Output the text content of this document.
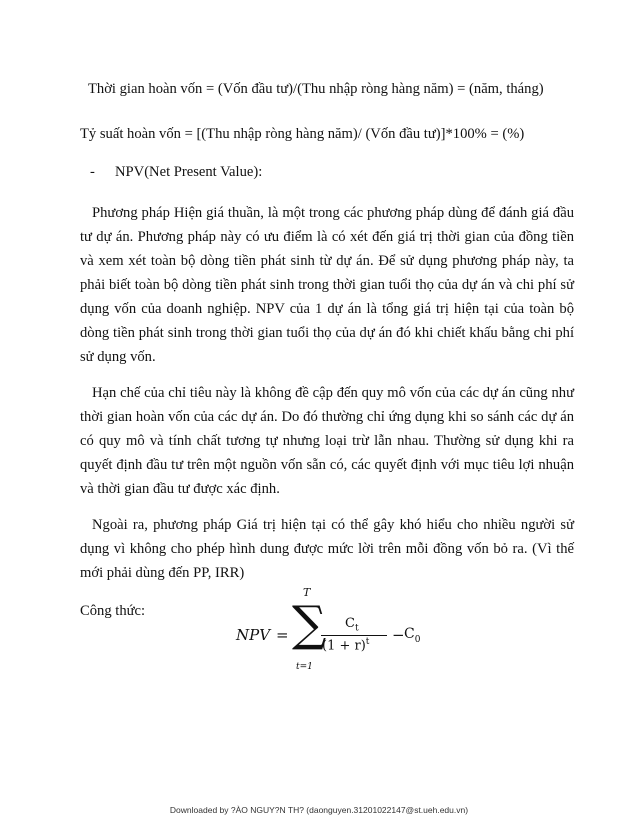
Thời gian hoàn vốn = (Vốn đầu tư)/(Thu nhập ròng hàng năm) = (năm, tháng)
Tỷ suất hoàn vốn = [(Thu nhập ròng hàng năm)/ (Vốn đầu tư)]*100% = (%)
- NPV(Net Present Value):
Phương pháp Hiện giá thuần, là một trong các phương pháp dùng để đánh giá đầu
tư dự án. Phương pháp này có ưu điểm là có xét đến giá trị thời gian của đồng tiền
và xem xét toàn bộ dòng tiền phát sinh từ dự án. Để sử dụng phương pháp này, ta
phải biết toàn bộ dòng tiền phát sinh trong thời gian tuổi thọ của dự án và chi phí sử
dụng vốn của doanh nghiệp. NPV của 1 dự án là tổng giá trị hiện tại của toàn bộ
dòng tiền phát sinh trong thời gian tuổi thọ của dự án đó khi chiết khấu bằng chi phí
sử dụng vốn.
Hạn chế của chỉ tiêu này là không đề cập đến quy mô vốn của các dự án cũng như
thời gian hoàn vốn của các dự án. Do đó thường chỉ ứng dụng khi so sánh các dự án
có quy mô và tính chất tương tự nhưng loại trừ lẫn nhau. Thường sử dụng khi ra
quyết định đầu tư trên một nguồn vốn sẵn có, các quyết định với mục tiêu lợi nhuận
và thời gian đầu tư được xác định.
Ngoài ra, phương pháp Giá trị hiện tại có thể gây khó hiểu cho nhiều người sử
dụng vì không cho phép hình dung được mức lời trên mỗi đồng vốn bỏ ra. (Vì thế
mới phải dùng đến PP, IRR)
Công thức:
NPV =
T
∑
t=1
$C_t$
$(1 + r)^t - C_0$
Downloaded by ?ÀO NGUY?N TH? (daonguyen.31201022147@st.ueh.edu.vn)
